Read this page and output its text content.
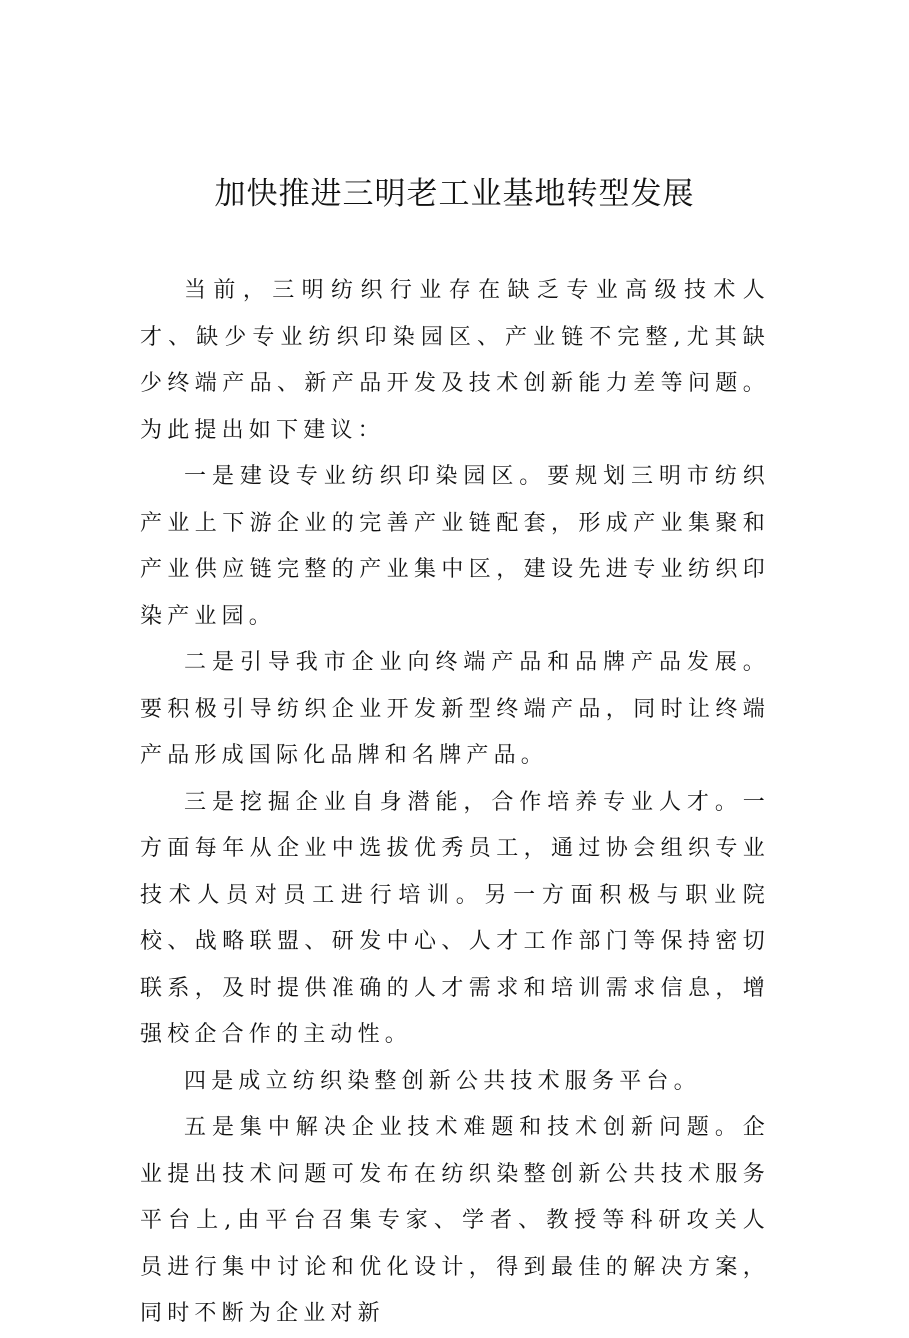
加快推进三明老工业基地转型发展

当前，三明纺织行业存在缺乏专业高级技术人才、缺少专业纺织印染园区、产业链不完整,尤其缺少终端产品、新产品开发及技术创新能力差等问题。为此提出如下建议：

一是建设专业纺织印染园区。要规划三明市纺织产业上下游企业的完善产业链配套，形成产业集聚和产业供应链完整的产业集中区，建设先进专业纺织印染产业园。

二是引导我市企业向终端产品和品牌产品发展。要积极引导纺织企业开发新型终端产品，同时让终端产品形成国际化品牌和名牌产品。

三是挖掘企业自身潜能，合作培养专业人才。一方面每年从企业中选拔优秀员工，通过协会组织专业技术人员对员工进行培训。另一方面积极与职业院校、战略联盟、研发中心、人才工作部门等保持密切联系，及时提供准确的人才需求和培训需求信息，增强校企合作的主动性。

四是成立纺织染整创新公共技术服务平台。

五是集中解决企业技术难题和技术创新问题。企业提出技术问题可发布在纺织染整创新公共技术服务平台上,由平台召集专家、学者、教授等科研攻关人员进行集中讨论和优化设计，得到最佳的解决方案，同时不断为企业对新
